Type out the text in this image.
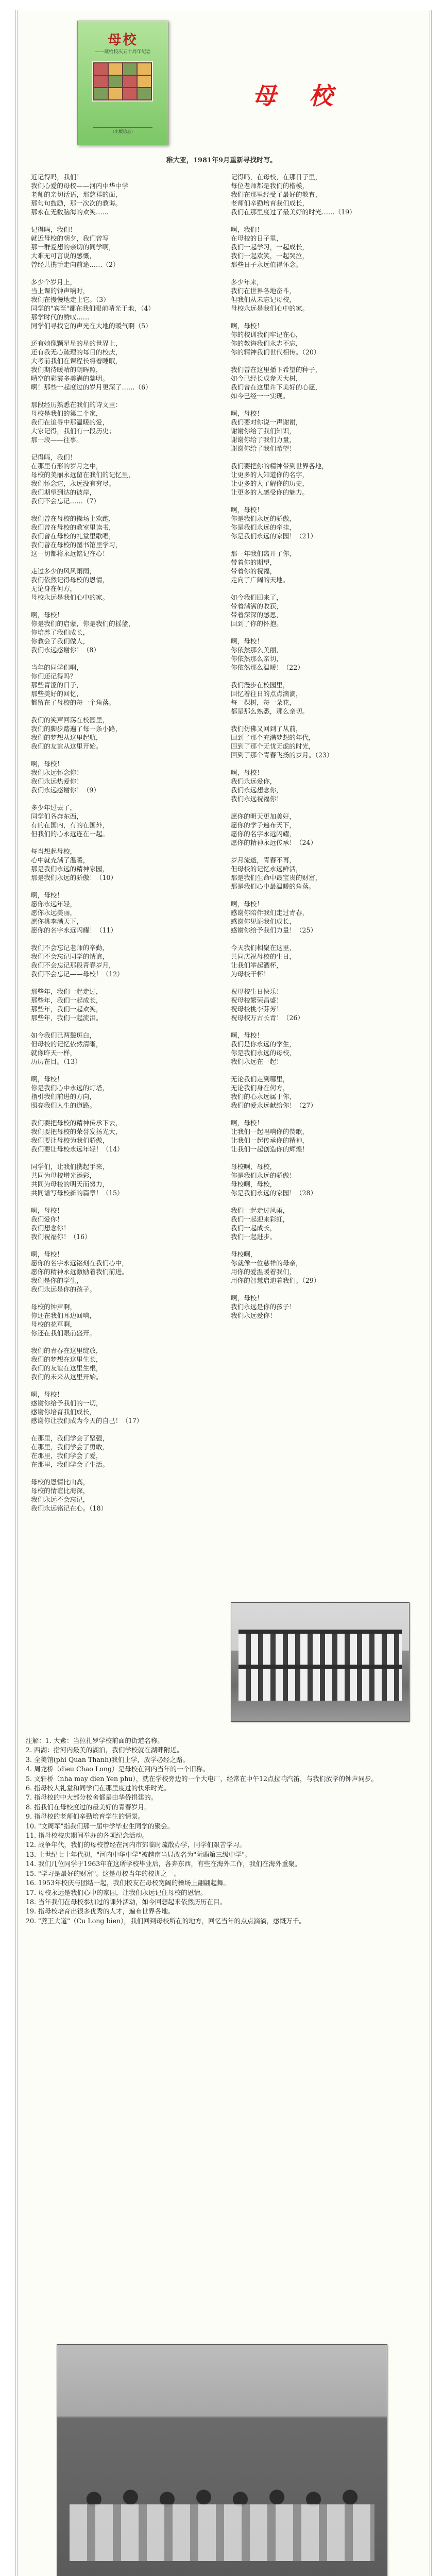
母校
——献给校庆五十周年纪念
（出版信息）
母 校
稚大亚，1981年9月重新寻找时写。
近记得吗，我们！
我们心爱的母校——河内中华中学
老师的亲切话语，那慈祥的面，
那句句鼓励，那一次次的教诲。
那永在无数脑海的欢笑……
记得吗，我们！
就近母校的朝夕，我们曾写
那一群爱想的亲切的同学啊，
大难无可言说的感慨，
曾经共携手走向前途……（2）
多少个岁月上，
当上课的钟声响时，
我们在慢慢地走上它。（3）
同学的"宾至"都在我们眼前晴光于地，（4）
那学时代的赞叹……
同学们寻找它的声光在大地的暖气啊（5）
还有她像颗星星的星的世界上，
还有我无心疏理的每日的校庆，
大考前我们在课程长将着睡眠，
我们期待暖晴的朝晖照，
晴空的彩霞多美满的黎明。
啊！那些一起度过的岁月更深了……（6）
那段经历熟悉在我们的诗文里：
母校是我们的第二个家，
我们在追寻中那温暖的爱，
大家记得，我们有一段历史；
那一段——往事。
记得吗，我们！
在那里有形的岁月之中，
母校的美丽永远留在我们的记忆里，
我们怀念它，永远没有穷尽。
我们期望到达的彼岸，
我们不会忘记……（7）
我们曾在母校的操场上欢跑，
我们曾在母校的教室里读书，
我们曾在母校的礼堂里歌唱，
我们曾在母校的图书馆里学习，
这一切都将永远铭记在心！
走过多少的风风雨雨，
我们依然记得母校的恩情，
无论身在何方，
母校永远是我们心中的家。
啊，母校！
你是我们的启蒙，你是我们的摇篮，
你培养了我们成长，
你教会了我们做人，
我们永远感谢你！（8）
当年的同学们啊，
你们还记得吗？
那些青涩的日子，
那些美好的回忆，
都留在了母校的每一个角落。
我们的笑声回荡在校园里，
我们的脚步踏遍了每一条小路，
我们的梦想从这里起航，
我们的友谊从这里开始。
啊，母校！
我们永远怀念你！
我们永远热爱你！
我们永远感谢你！（9）
多少年过去了，
同学们各奔东西，
有的在国内，有的在国外，
但我们的心永远连在一起。
每当想起母校，
心中就充满了温暖，
那是我们永远的精神家园，
那是我们永远的骄傲！（10）
啊，母校！
愿你永远年轻，
愿你永远美丽，
愿你桃李满天下，
愿你的名字永远闪耀！（11）
我们不会忘记老师的辛勤，
我们不会忘记同学的情谊，
我们不会忘记那段青春岁月，
我们不会忘记——母校！（12）
那些年，我们一起走过，
那些年，我们一起成长，
那些年，我们一起欢笑，
那些年，我们一起流泪。
如今我们已两鬓斑白，
但母校的记忆依然清晰，
就像昨天一样，
历历在目。（13）
啊，母校！
你是我们心中永远的灯塔，
指引我们前进的方向，
照亮我们人生的道路。
我们要把母校的精神传承下去，
我们要把母校的荣誉发扬光大，
我们要让母校为我们骄傲，
我们要让母校永远年轻！（14）
同学们，让我们携起手来，
共同为母校增光添彩，
共同为母校的明天而努力，
共同谱写母校新的篇章！（15）
啊，母校！
我们爱你！
我们想念你！
我们祝福你！（16）
啊，母校！
愿你的名字永远铭刻在我们心中，
愿你的精神永远激励着我们前进。
我们是你的学生，
我们永远是你的孩子。
母校的钟声啊，
你还在我们耳边回响，
母校的花草啊，
你还在我们眼前盛开。
我们的青春在这里绽放，
我们的梦想在这里生长，
我们的友谊在这里生根，
我们的未来从这里开始。
啊，母校！
感谢你给予我们的一切，
感谢你培育我们成长，
感谢你让我们成为今天的自己！（17）
在那里，我们学会了坚强，
在那里，我们学会了勇敢，
在那里，我们学会了爱，
在那里，我们学会了生活。
母校的恩情比山高，
母校的情谊比海深，
我们永远不会忘记，
我们永远铭记在心。（18）
记得吗，在母校，在那日子里，
每位老师都是我们的楷模，
我们在那里经受了最好的教育，
老师们辛勤培育我们成长，
我们在那里度过了最美好的时光……（19）
啊，我们！
在母校的日子里，
我们一起学习，一起成长，
我们一起欢笑，一起哭泣，
那些日子永远值得怀念。
多少年来，
我们在世界各地奋斗，
但我们从未忘记母校，
母校永远是我们心中的家。
啊，母校！
你的校训我们牢记在心，
你的教诲我们永志不忘，
你的精神我们世代相传。（20）
我们曾在这里播下希望的种子，
如今已经长成参天大树，
我们曾在这里许下美好的心愿，
如今已经一一实现。
啊，母校！
我们要对你说一声谢谢，
谢谢你给了我们知识，
谢谢你给了我们力量，
谢谢你给了我们希望！
我们要把你的精神带到世界各地，
让更多的人知道你的名字，
让更多的人了解你的历史，
让更多的人感受你的魅力。
啊，母校！
你是我们永远的骄傲，
你是我们永远的牵挂，
你是我们永远的家园！（21）
那一年我们离开了你，
带着你的期望，
带着你的祝福，
走向了广阔的天地。
如今我们回来了，
带着满满的收获，
带着深深的感恩，
回到了你的怀抱。
啊，母校！
你依然那么美丽，
你依然那么亲切，
你依然那么温暖！（22）
我们漫步在校园里，
回忆着往日的点点滴滴，
每一棵树，每一朵花，
都是那么熟悉，那么亲切。
我们仿佛又回到了从前，
回到了那个充满梦想的年代，
回到了那个无忧无虑的时光，
回到了那个青春飞扬的岁月。（23）
啊，母校！
我们永远爱你，
我们永远想念你，
我们永远祝福你！
愿你的明天更加美好，
愿你的学子遍布天下，
愿你的名字永远闪耀，
愿你的精神永远传承！（24）
岁月流逝，青春不再，
但母校的记忆永远鲜活，
那是我们生命中最宝贵的财富，
那是我们心中最温暖的角落。
啊，母校！
感谢你陪伴我们走过青春，
感谢你见证我们成长，
感谢你给予我们力量！（25）
今天我们相聚在这里，
共同庆祝母校的生日，
让我们举起酒杯，
为母校干杯！
祝母校生日快乐！
祝母校繁荣昌盛！
祝母校桃李芬芳！
祝母校万古长青！（26）
啊，母校！
我们是你永远的学生，
你是我们永远的母校，
我们永远在一起！
无论我们走到哪里，
无论我们身在何方，
我们的心永远属于你，
我们的爱永远献给你！（27）
啊，母校！
让我们一起唱响你的赞歌，
让我们一起传承你的精神，
让我们一起创造你的辉煌！
母校啊，母校，
你是我们永远的骄傲！
母校啊，母校，
你是我们永远的家园！（28）
我们一起走过风雨，
我们一起迎来彩虹，
我们一起成长，
我们一起进步。
母校啊，
你就像一位慈祥的母亲，
用你的爱温暖着我们，
用你的智慧启迪着我们。（29）
啊，母校！
我们永远是你的孩子！
我们永远爱你！

注解：1. 大紫：当拉扎罗学校前面的街道名称。

2. 西湖：指河内最美的湖泊，我们学校就在湖畔附近。

3. 全美馆(phi Quan Thanh)我们上学，放学必经之路。

4. 周龙桥（dieu Chao Long）是母校在河内当年的一个旧称。

5. 文轩桥（nha may dien Yen phu），就在学校旁边的一个大电厂，经常在中午12点拉响汽笛，与我们放学的钟声同步。

6. 指母校大礼堂和同学们在那里度过的快乐时光。

7. 指母校的中大部分校舍都是由华侨捐建的。

8. 指我们在母校度过的最美好的青春岁月。

9. 指母校的老师们辛勤培育学生的情景。

10. "文周军"指我们那一届中学毕业生同学的聚会。

11. 指母校校庆期间举办的各项纪念活动。

12. 战争年代，我们的母校曾经在河内市郊临时疏散办学，同学们艰苦学习。

13. 上世纪七十年代初，"河内中华中学"被越南当局改名为"阮廌第三级中学"。

14. 我们几位同学于1963年在这所学校毕业后，各奔东西，有些在海外工作，我们在海外重聚。

15. "学习是最好的财富"。这是母校当年的校训之一。

16. 1953年校庆与团结一起，我们校友在母校宽阔的操场上翩翩起舞。

17. 母校永远是我们心中的家园，让我们永远记住母校的恩情。

18. 当年我们在母校参加过的课外活动，如今回想起来依然历历在目。

19. 指母校培育出很多优秀的人才，遍布世界各地。

20. "蔗王大道"（Cu Long bien），我们回到母校所在的地方，回忆当年的点点滴滴，感慨万千。
